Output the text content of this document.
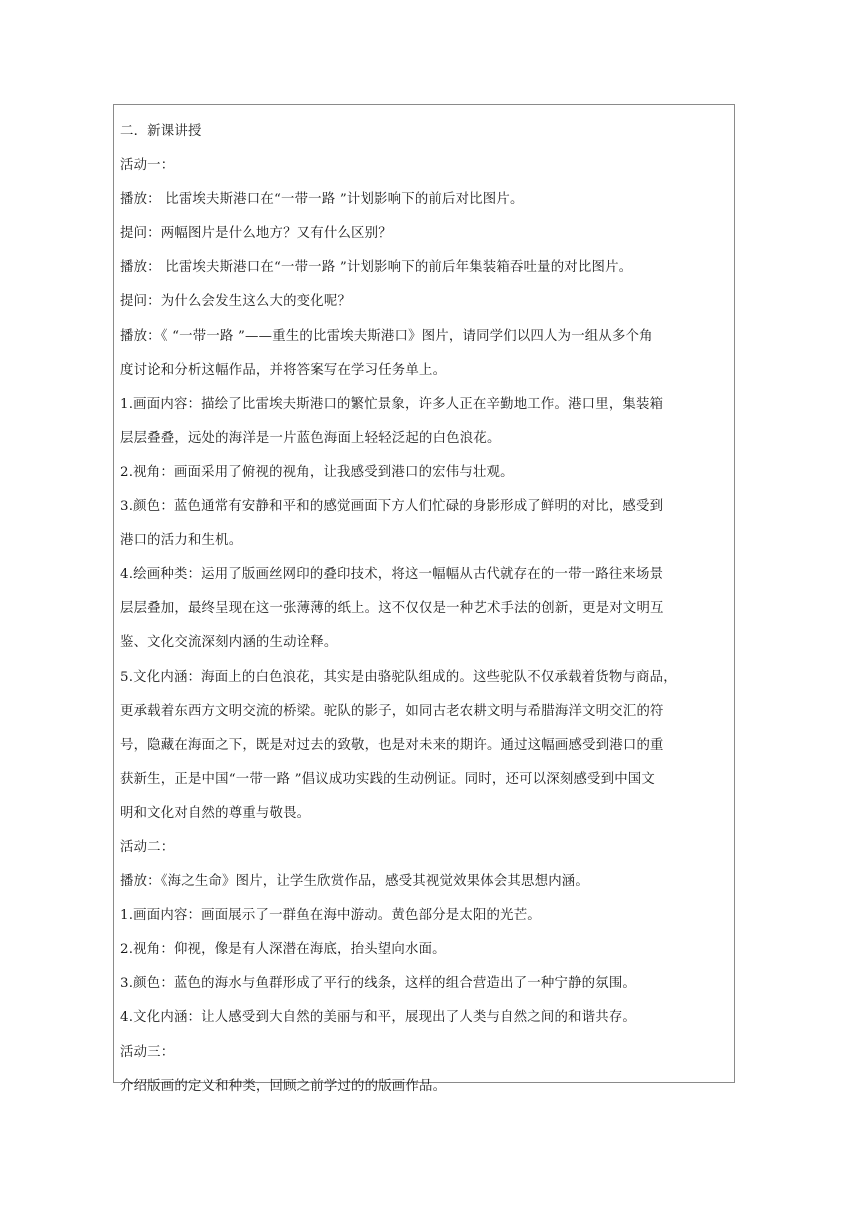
二．新课讲授

活动一：

播放： 比雷埃夫斯港口在“一带一路 ”计划影响下的前后对比图片。

提问：两幅图片是什么地方？又有什么区别？

播放： 比雷埃夫斯港口在“一带一路 ”计划影响下的前后年集装箱吞吐量的对比图片。

提问：为什么会发生这么大的变化呢？

播放：《 “一带一路 ”——重生的比雷埃夫斯港口》图片，请同学们以四人为一组从多个角

度讨论和分析这幅作品，并将答案写在学习任务单上。

1.画面内容：描绘了比雷埃夫斯港口的繁忙景象，许多人正在辛勤地工作。港口里，集装箱

层层叠叠，远处的海洋是一片蓝色海面上轻轻泛起的白色浪花。

2.视角：画面采用了俯视的视角，让我感受到港口的宏伟与壮观。

3.颜色：蓝色通常有安静和平和的感觉画面下方人们忙碌的身影形成了鲜明的对比，感受到

港口的活力和生机。

4.绘画种类：运用了版画丝网印的叠印技术，将这一幅幅从古代就存在的一带一路往来场景

层层叠加，最终呈现在这一张薄薄的纸上。这不仅仅是一种艺术手法的创新，更是对文明互

鉴、文化交流深刻内涵的生动诠释。

5.文化内涵：海面上的白色浪花，其实是由骆驼队组成的。这些驼队不仅承载着货物与商品，

更承载着东西方文明交流的桥梁。驼队的影子，如同古老农耕文明与希腊海洋文明交汇的符

号，隐藏在海面之下，既是对过去的致敬，也是对未来的期许。通过这幅画感受到港口的重

获新生，正是中国“一带一路 ”倡议成功实践的生动例证。同时，还可以深刻感受到中国文

明和文化对自然的尊重与敬畏。

活动二：

播放：《海之生命》图片，让学生欣赏作品，感受其视觉效果体会其思想内涵。

1.画面内容：画面展示了一群鱼在海中游动。黄色部分是太阳的光芒。

2.视角：仰视，像是有人深潜在海底，抬头望向水面。

3.颜色：蓝色的海水与鱼群形成了平行的线条，这样的组合营造出了一种宁静的氛围。

4.文化内涵：让人感受到大自然的美丽与和平，展现出了人类与自然之间的和谐共存。

活动三：

介绍版画的定义和种类，回顾之前学过的的版画作品。
